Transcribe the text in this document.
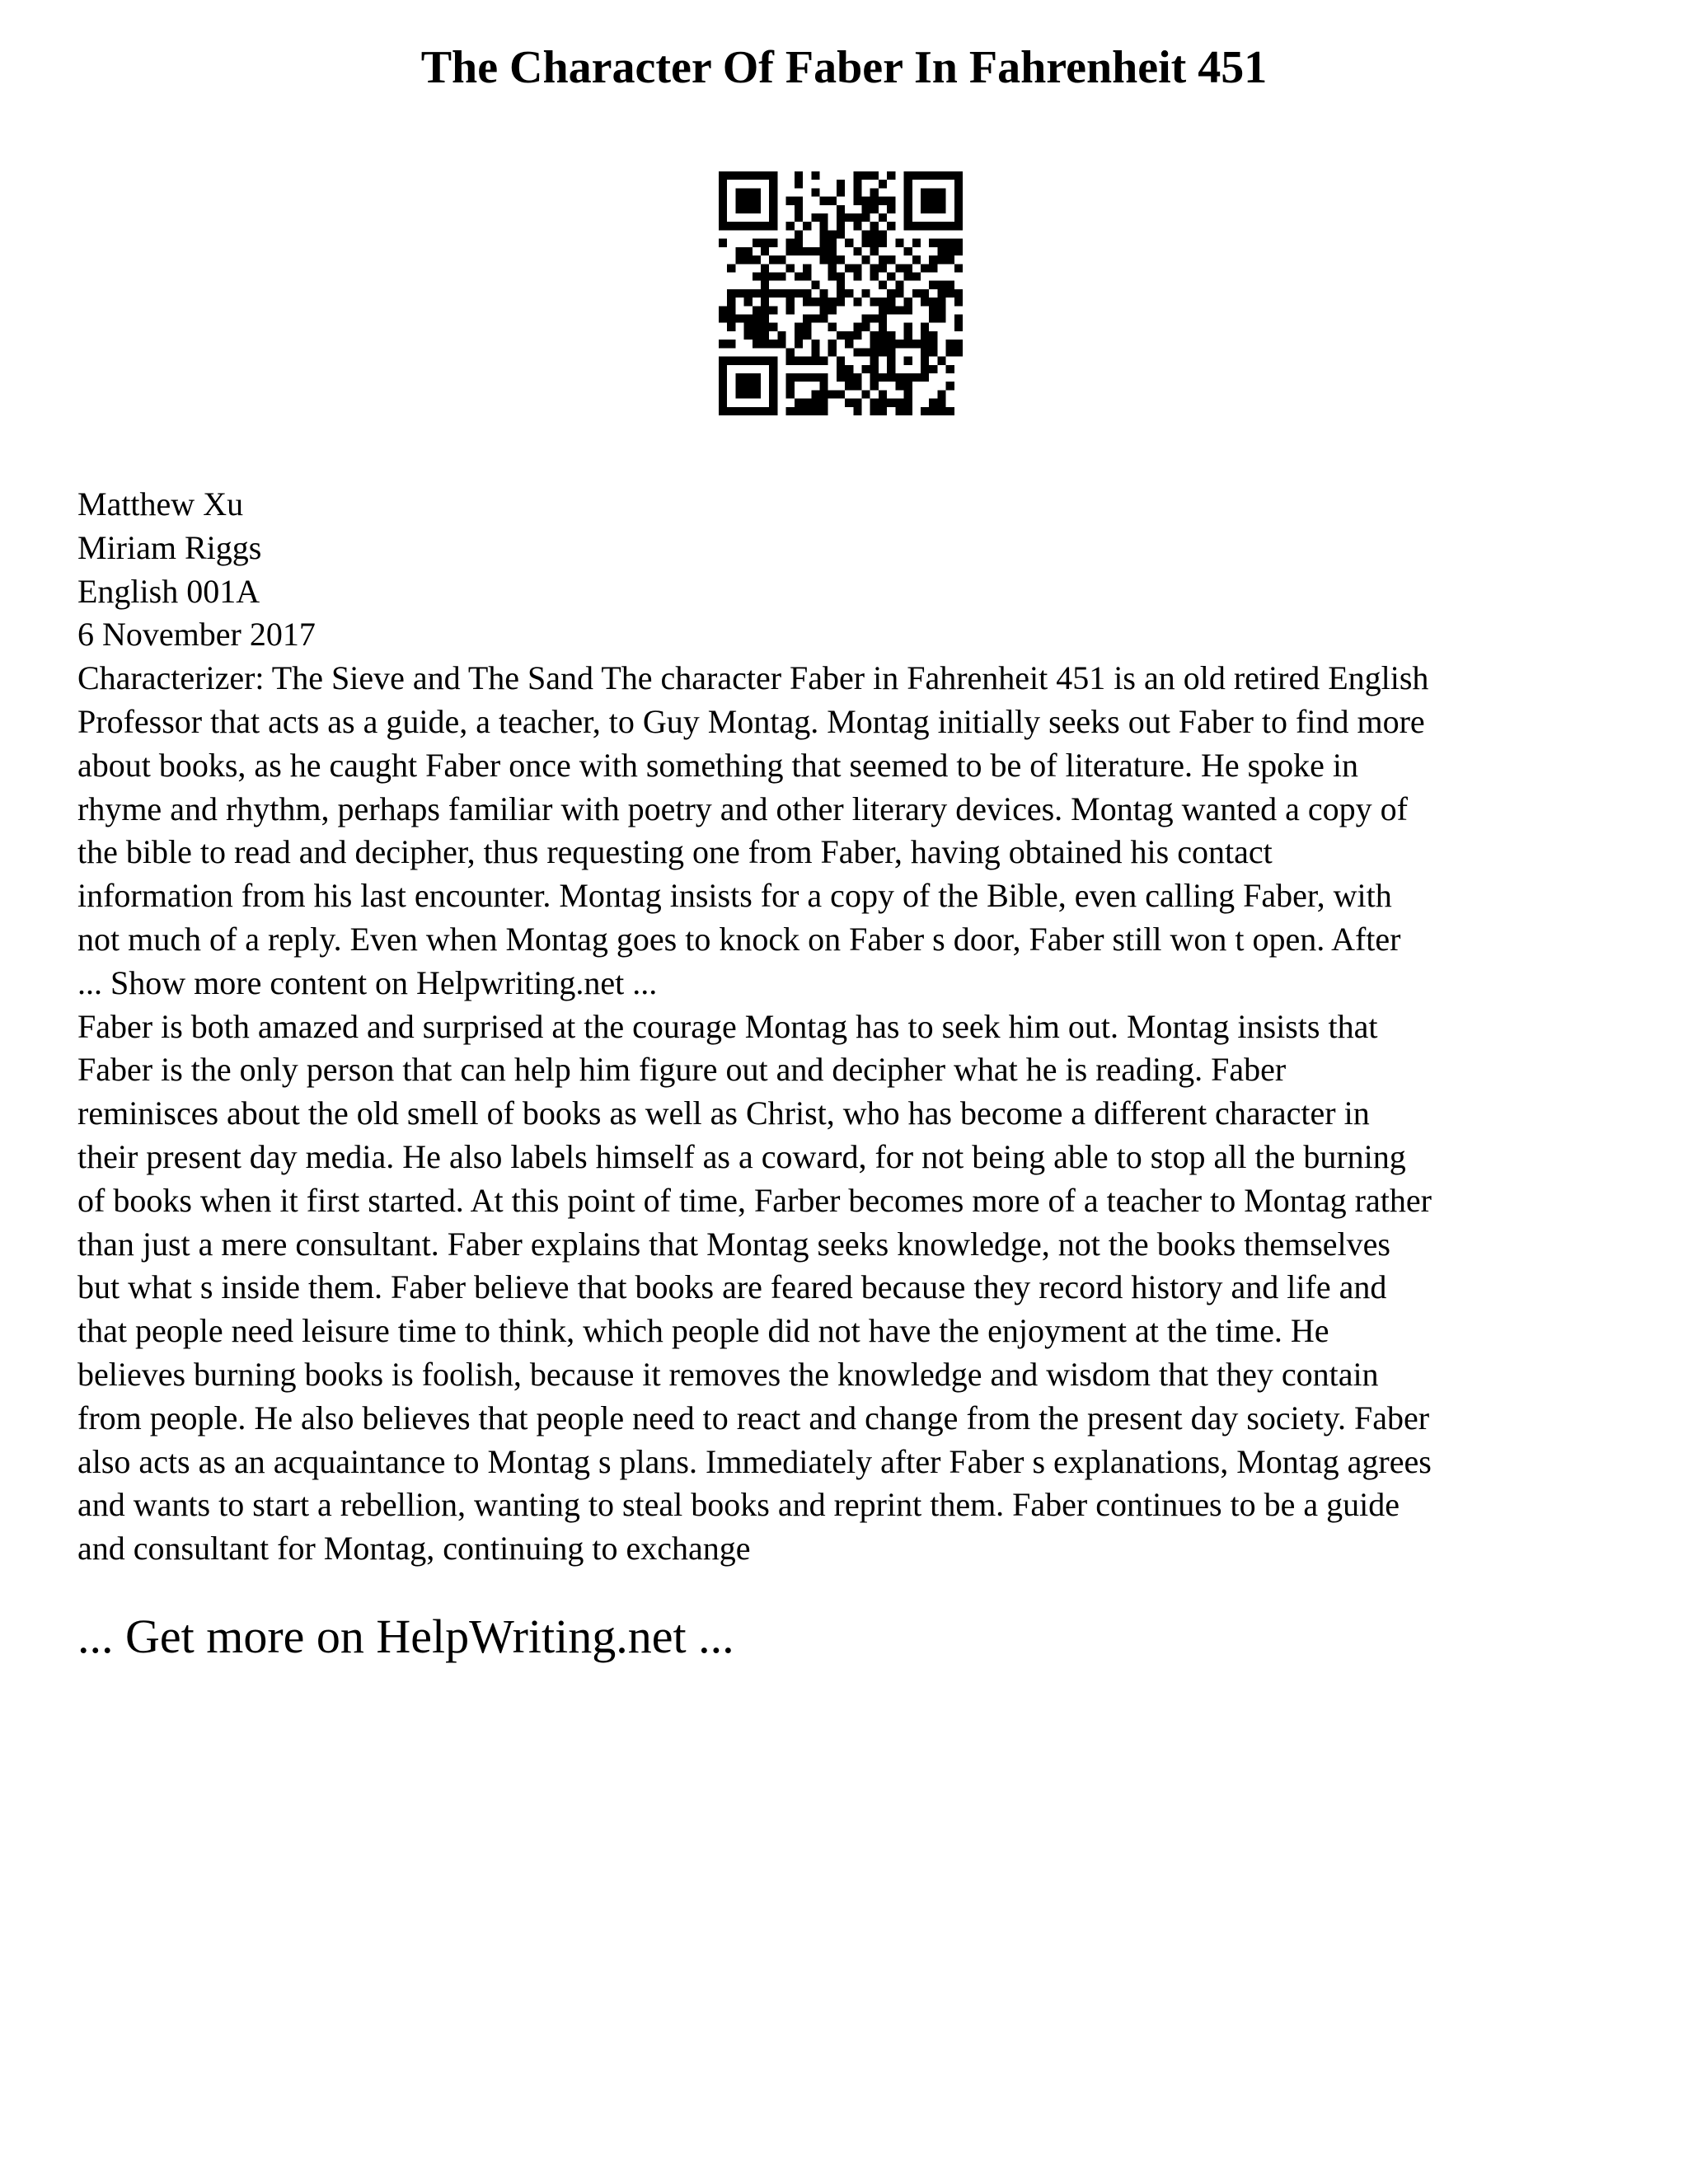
The Character Of Faber In Fahrenheit 451
Matthew Xu
Miriam Riggs
English 001A
6 November 2017
Characterizer: The Sieve and The Sand The character Faber in Fahrenheit 451 is an old retired English
Professor that acts as a guide, a teacher, to Guy Montag. Montag initially seeks out Faber to find more
about books, as he caught Faber once with something that seemed to be of literature. He spoke in
rhyme and rhythm, perhaps familiar with poetry and other literary devices. Montag wanted a copy of
the bible to read and decipher, thus requesting one from Faber, having obtained his contact
information from his last encounter. Montag insists for a copy of the Bible, even calling Faber, with
not much of a reply. Even when Montag goes to knock on Faber s door, Faber still won t open. After
... Show more content on Helpwriting.net ...
Faber is both amazed and surprised at the courage Montag has to seek him out. Montag insists that
Faber is the only person that can help him figure out and decipher what he is reading. Faber
reminisces about the old smell of books as well as Christ, who has become a different character in
their present day media. He also labels himself as a coward, for not being able to stop all the burning
of books when it first started. At this point of time, Farber becomes more of a teacher to Montag rather
than just a mere consultant. Faber explains that Montag seeks knowledge, not the books themselves
but what s inside them. Faber believe that books are feared because they record history and life and
that people need leisure time to think, which people did not have the enjoyment at the time. He
believes burning books is foolish, because it removes the knowledge and wisdom that they contain
from people. He also believes that people need to react and change from the present day society. Faber
also acts as an acquaintance to Montag s plans. Immediately after Faber s explanations, Montag agrees
and wants to start a rebellion, wanting to steal books and reprint them. Faber continues to be a guide
and consultant for Montag, continuing to exchange
... Get more on HelpWriting.net ...
